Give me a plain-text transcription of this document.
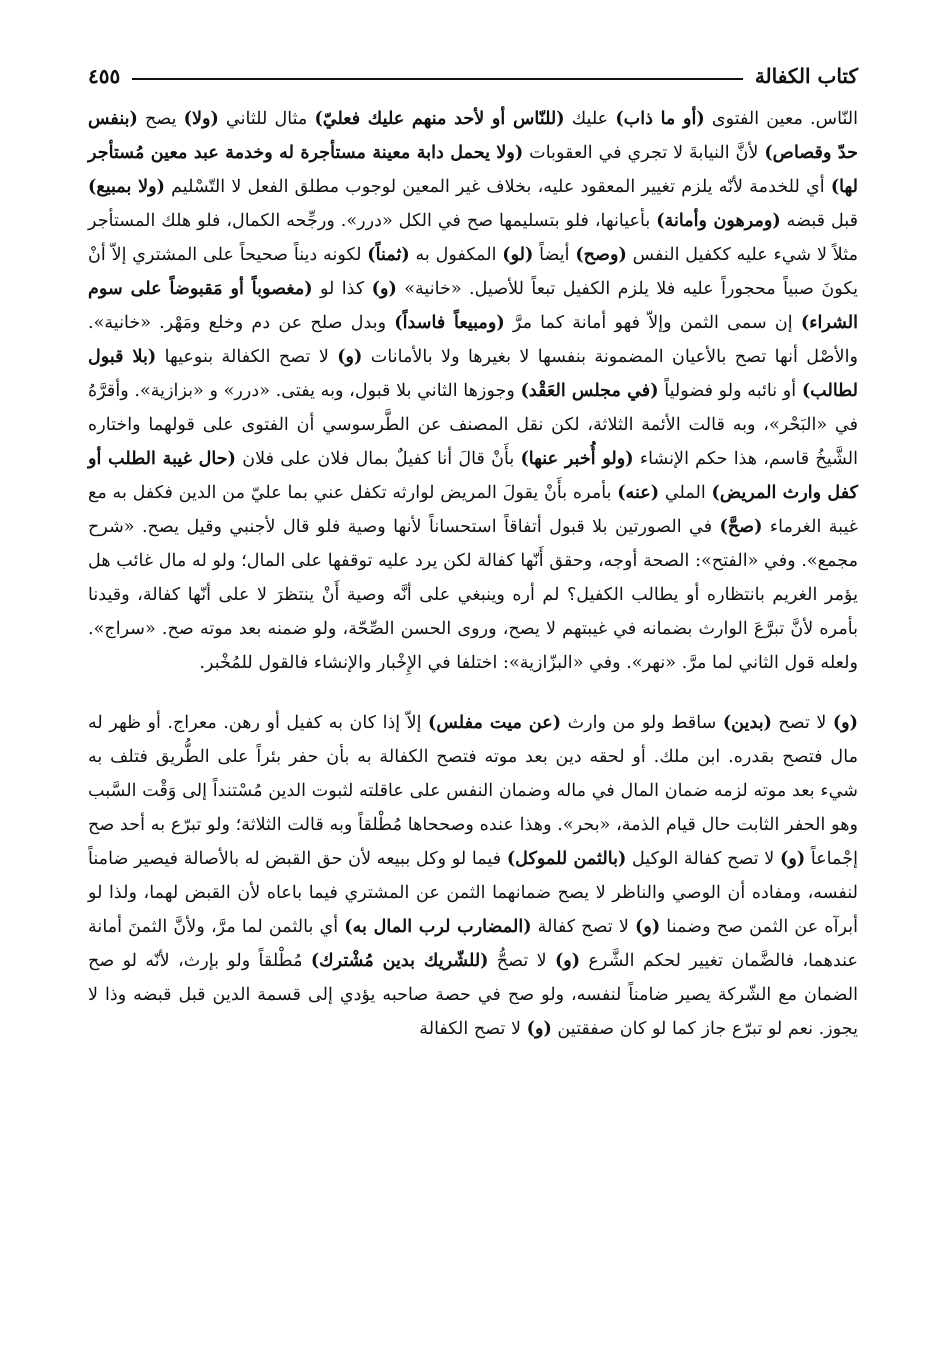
كتاب الكفالة
٤٥٥

النّاس. معين الفتوى (أو ما ذاب) عليك (للنّاس أو لأحد منهم عليك فعليّ) مثال للثاني (ولا) يصح (بنفس حدّ وقصاص) لأنَّ النيابةَ لا تجري في العقوبات (ولا يحمل دابة معينة مستأجرة له وخدمة عبد معين مُستأجر لها) أي للخدمة لأنّه يلزم تغيير المعقود عليه، بخلاف غير المعين لوجوب مطلق الفعل لا التّسْليم (ولا بمبيع) قبل قبضه (ومرهون وأمانة) بأعيانها، فلو بتسليمها صح في الكل «درر». ورجِّحه الكمال، فلو هلك المستأجر مثلاً لا شيء عليه ككفيل النفس (وصح) أيضاً (لو) المكفول به (ثمناً) لكونه ديناً صحيحاً على المشتري إلاّ أنْ يكونَ صبياً محجوراً عليه فلا يلزم الكفيل تبعاً للأصيل. «خانية» (و) كذا لو (مغصوباً أو مَقبوضاً على سوم الشراء) إن سمى الثمن وإلاّ فهو أمانة كما مرَّ (ومبيعاً فاسداً) وبدل صلح عن دم وخلع ومَهْر. «خانية». والأصْل أنها تصح بالأعيان المضمونة بنفسها لا بغيرها ولا بالأمانات (و) لا تصح الكفالة بنوعيها (بلا قبول لطالب) أو نائبه ولو فضولياً (في مجلس العَقْد) وجوزها الثاني بلا قبول، وبه يفتى. «درر» و «بزازية». وأقرَّهُ في «البَحْر»، وبه قالت الأئمة الثلاثة، لكن نقل المصنف عن الطَّرسوسي أن الفتوى على قولهما واختاره الشَّيخُ قاسم، هذا حكم الإنشاء (ولو أُخبر عنها) بأَنْ قالَ أنا كفيلٌ بمال فلان على فلان (حال غيبة الطلب أو كفل وارث المريض) الملي (عنه) بأمره بأَنْ يقولَ المريض لوارثه تكفل عني بما عليّ من الدين فكفل به مع غيبة الغرماء (صحَّ) في الصورتين بلا قبول أتفاقاً استحساناً لأنها وصية فلو قال لأجنبي وقيل يصح. «شرح مجمع». وفي «الفتح»: الصحة أوجه، وحقق أَنّها كفالة لكن يرد عليه توقفها على المال؛ ولو له مال غائب هل يؤمر الغريم بانتظاره أو يطالب الكفيل؟ لم أره وينبغي على أنَّه وصية أَنْ ينتظرَ لا على أنّها كفالة، وقيدنا بأمره لأنَّ تبرَّعَ الوارث بضمانه في غيبتهم لا يصح، وروى الحسن الصِّحّة، ولو ضمنه بعد موته صح. «سراج». ولعله قول الثاني لما مرَّ. «نهر». وفي «البزّازية»: اختلفا في الإِخْبار والإنشاء فالقول للمُخْبر.

(و) لا تصح (بدين) ساقط ولو من وارث (عن ميت مفلس) إلاّ إذا كان به كفيل أو رهن. معراج. أو ظهر له مال فتصح بقدره. ابن ملك. أو لحقه دين بعد موته فتصح الكفالة به بأن حفر بئراً على الطُّريق فتلف به شيء بعد موته لزمه ضمان المال في ماله وضمان النفس على عاقلته لثبوت الدين مُسْتنداً إلى وَقْت السَّبب وهو الحفر الثابت حال قيام الذمة، «بحر». وهذا عنده وصححاها مُطْلقاً وبه قالت الثلاثة؛ ولو تبرّع به أحد صح إجْماعاً (و) لا تصح كفالة الوكيل (بالثمن للموكل) فيما لو وكل ببيعه لأن حق القبض له بالأصالة فيصير ضامناً لنفسه، ومفاده أن الوصي والناظر لا يصح ضمانهما الثمن عن المشتري فيما باعاه لأن القبض لهما، ولذا لو أبرآه عن الثمن صح وضمنا (و) لا تصح كفالة (المضارب لرب المال به) أي بالثمن لما مرَّ، ولأنَّ الثمنَ أمانة عندهما، فالضَّمان تغيير لحكم الشَّرع (و) لا تصحُّ (للشّريك بدين مُشْترك) مُطْلقاً ولو بإرث، لأنّه لو صح الضمان مع الشّركة يصير ضامناً لنفسه، ولو صح في حصة صاحبه يؤدي إلى قسمة الدين قبل قبضه وذا لا يجوز. نعم لو تبرّع جاز كما لو كان صفقتين (و) لا تصح الكفالة
